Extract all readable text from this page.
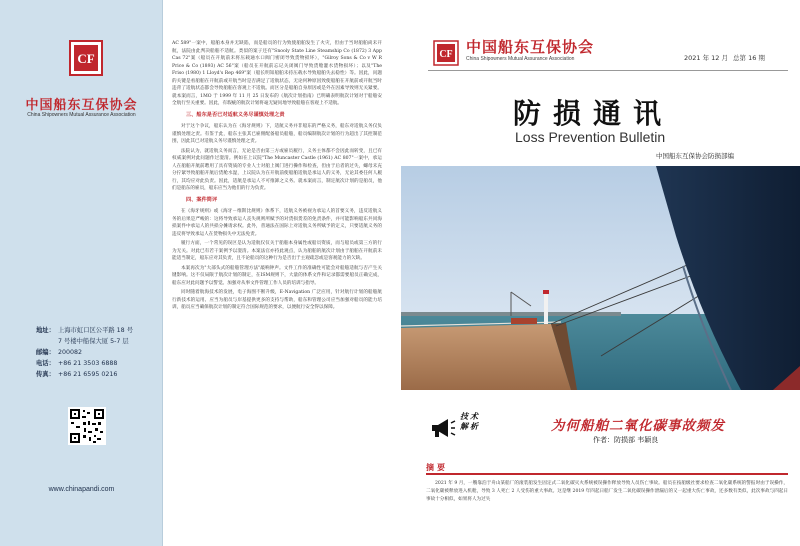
CF
中国船东互保协会
China Shipowners Mutual Assurance Association
地址： 上海市虹口区公平路 18 号
7 号楼中船保大厦 5-7 层
邮编： 200082
电话： +86 21 3503 6888
传真： +86 21 6595 0216
www.chinapandi.com

AC 589"一案中，船舶本身并无缺陷，而是船员的行为致使船舶发生了火灾，但由于当时船舶尚未开航，法院由此判决船舶不适航。类似的案子还有"Snooly State Line Steamship Co (1872) 3 App Cas 72"案（船员在开航前未将压载通水口阀门密闭导致货物损坏），"Gilroy Sons & Co v W R Price & Co (1893) AC 56"案（船员在开航前忘记关闭阀门导致货舱灌水货物损坏）；以及"The Friso (1980) 1 Lloyd's Rep 469"案（船长明知船舶未持压载水导致船舶失去稳性）等。因此，问题的关键是看船舶在开航前或开航当时是否满足了适航状态，无论何种原因致使船舶在开航前或开航当时违背了适航状态都会导致船舶在客观上不适航。而区分是船舶自身原因或是外在因素导致则无关紧要。就本案而言，1MO 于 1999 年 11 月 25 日发布的《航次计划指南》已明确表明航次计划对于船舶安全航行至关重要。因此，有瑕疵的航次计划将毫无疑问地导致船舶在客观上不适航。

三、船东是否已对适航义务尽谨慎处理之责

对于这个争议，船东认为在《海牙规则》下，适航义务并非船东的严格义务，船东对适航义务仅负谨慎处理之责。有鉴于此，船东主张其已雇佣配备船员船舶，船员编制航次计划的行为超出了其控制范围，因此其已对适航义务尽谨慎处理之责。

法院认为，就适航义务而言，无论是否由第三方或雇员履行，义务主体都不会因此而转变，且已有权威案例对此问题作过澄清。例如在上议院"The Muncaster Castle (1961) AC 807"一案中，承运人在船舶开航前聘用了具有资质的专业人士对船上阀门进行操作和检查，但由于后者的过失，螺母未充分拧紧导致船舶开航后货舱水湿，上议院认为在开航前使船舶适航是承运人的义务，无论其委任何人履行，其均应对此负责。因此，适航是承运人不可推卸之义务。就本案而言，制定航次计划的是船员，他们是船东的雇员，船东应当为他们的行为负责。

四、案件简评

在《海牙规则》或《海牙－维斯比规则》体系下，适航义务被视为承运人的首要义务，违反适航义务的后果是严峻的：这将导致承运人丧失规则所赋予的对货损货差的免责条件，并可能影响船东共同海损案件中承运人的共损分摊请求权。此外，普通法在国际上对适航义务所赋予的定义，只要适航义务的违反将导致承运人在货物损失中无法免责。

履行方面，一个常见的误区是认为适航仅仅关于船舶本身属性或船员资质，而与船员或第三方的行为无关。对此已有若干案例予以澄清。本案法官亦持此观点，认为船舶的航次计划由于船舶在开航前未能适当制定，船东应对其负责，且不论船员的这种行为是否出于主观疏忽或是客观能力的欠缺。

本案再次为"大部头式的船舶管理方法"敲响钟声。文件工作的准确性可能会对船舶适航与否产生关键影响。这不仅局限于航次计划的制定，在ISM规则下，大量的体系文件和记录都需要船员正确完成，船东应对此问题予以警觉。加强对从事文件管理工作人员的培训与指导。

同时随着航海技术的发展，电子海图不断升级，E-Navigation 广泛应用，针对航行计划的船舶航行新技术的运用、应当为船员与岸基提供更多的支持与帮助，船东和管理公司应当加强对船员的能力培训，船员应当确保航次计划的制定符合国际规范的要求，以便航行安全得以保障。

CF 中国船东互保协会
China Shipowners Mutual Assurance Association	2021 年 12 月 总第 16 期
防损通讯
Loss Prevention Bulletin
中国船东互保协会防损部编
技术
解析	为何船舶二氧化碳事故频发
作者：防损部 韦颖良
摘要
2021 年 9 月，一艘靠泊于舟山某船厂的滚装船发生固定式二氧化碳灭火系统被误操作释放导致人员伤亡事故。船员在按船级社要求检查二氧化碳系统的警报时由于误操作，二氧化碳被释放进入机舱，导致 3 人死亡 2 人受伤的重大事故。这是继 2019 年四起日船厂发生二氧化碳误操作泄漏后的又一起重大伤亡事故，还多数有类似，此次事故与四起日事故十分相似，如果将人为过失
